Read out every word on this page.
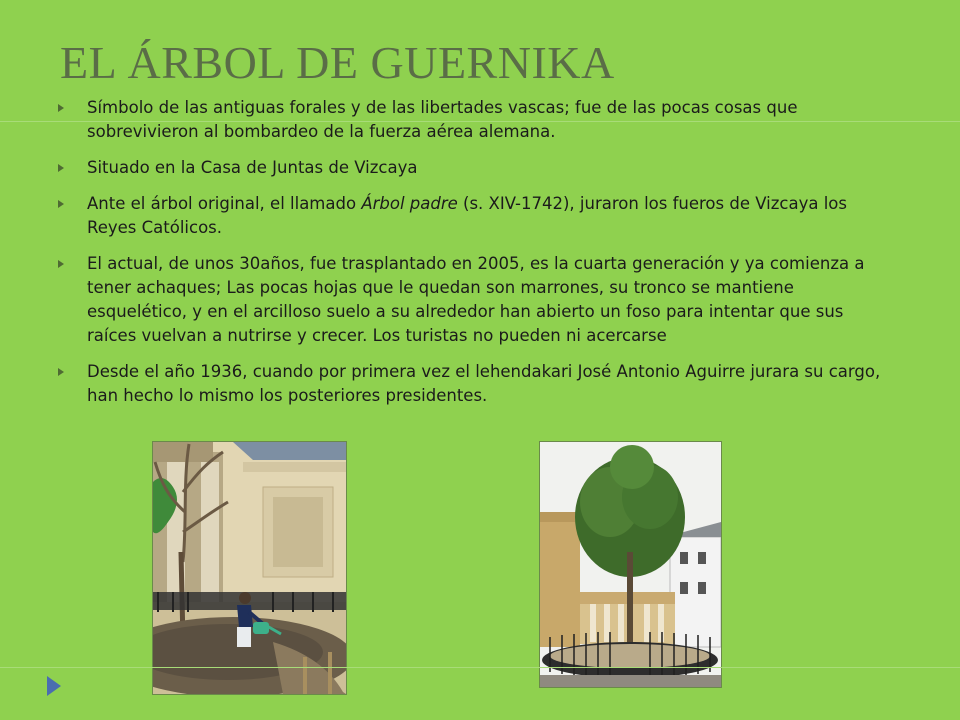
EL ÁRBOL DE GUERNIKA
Símbolo de las antiguas forales y de las libertades vascas; fue de las pocas cosas que sobrevivieron al bombardeo de la fuerza aérea alemana.
Situado en la Casa de Juntas de Vizcaya
Ante el árbol original, el llamado Árbol padre (s. XIV-1742), juraron los fueros de Vizcaya los Reyes Católicos.
El actual, de unos 30años, fue trasplantado en 2005, es la cuarta generación y ya comienza a tener achaques; Las pocas hojas que le quedan son marrones, su tronco se mantiene esquelético, y en el arcilloso suelo a su alrededor han abierto un foso para intentar que sus raíces vuelvan a nutrirse y crecer. Los turistas no pueden ni acercarse
Desde el año 1936, cuando por primera vez el lehendakari José Antonio Aguirre jurara su cargo, han hecho lo mismo los posteriores presidentes.
